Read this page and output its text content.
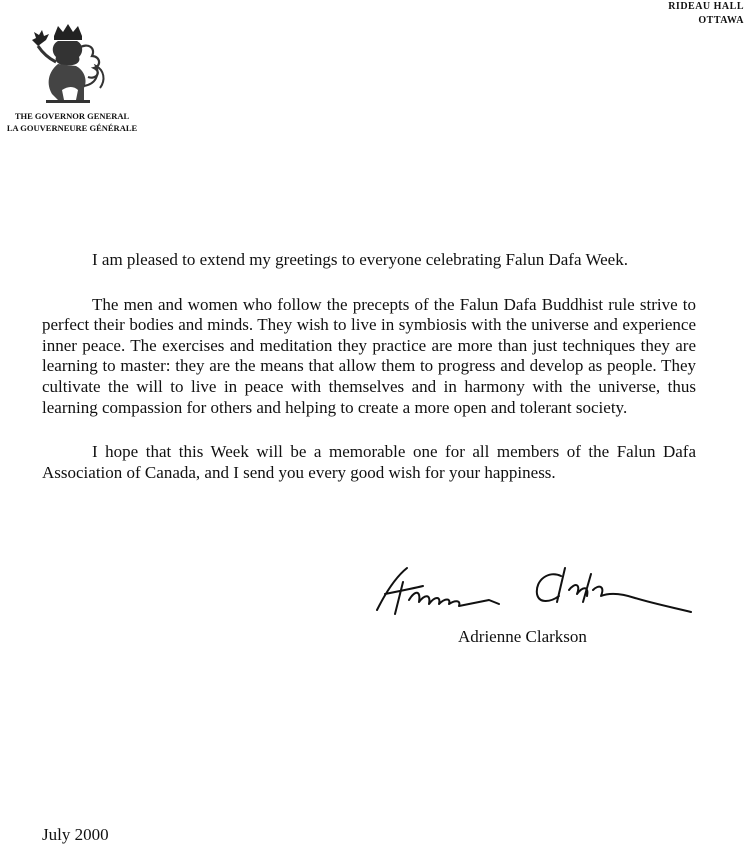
RIDEAU HALL
OTTAWA
THE GOVERNOR GENERAL
LA GOUVERNEURE GÉNÉRALE

I am pleased to extend my greetings to everyone celebrating Falun Dafa Week.

The men and women who follow the precepts of the Falun Dafa Buddhist rule strive to perfect their bodies and minds. They wish to live in symbiosis with the universe and experience inner peace. The exercises and meditation they practice are more than just techniques they are learning to master: they are the means that allow them to progress and develop as people. They cultivate the will to live in peace with themselves and in harmony with the universe, thus learning compassion for others and helping to create a more open and tolerant society.

I hope that this Week will be a memorable one for all members of the Falun Dafa Association of Canada, and I send you every good wish for your happiness.

Adrienne Clarkson
July 2000
